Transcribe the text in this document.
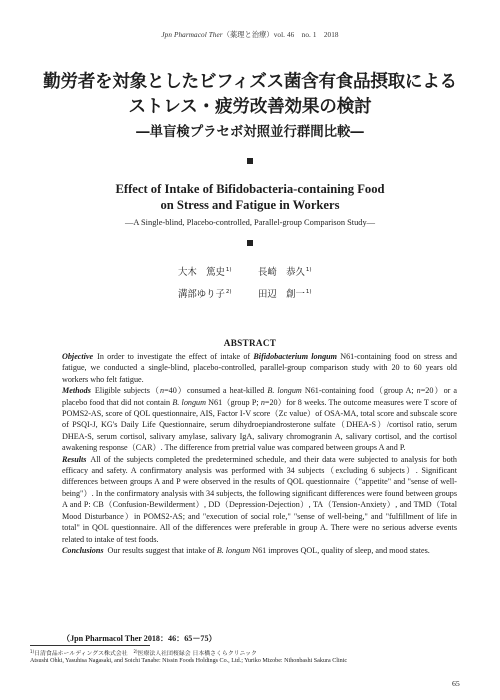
Jpn Pharmacol Ther（薬理と治療）vol. 46　no. 1　2018
勤労者を対象としたビフィズス菌含有食品摂取による
ストレス・疲労改善効果の検討
―単盲検プラセボ対照並行群間比較―
Effect of Intake of Bifidobacteria-containing Food
on Stress and Fatigue in Workers
―A Single-blind, Placebo-controlled, Parallel-group Comparison Study―
大木　篤史$^{1)}$	長崎　恭久$^{1)}$
溝部ゆり子$^{2)}$	田辺　創一$^{1)}$
ABSTRACT

Objective In order to investigate the effect of intake of Bifidobacterium longum N61-containing food on stress and fatigue, we conducted a single-blind, placebo-controlled, parallel-group comparison study with 20 to 60 years old workers who felt fatigue.

Methods Eligible subjects（n=40）consumed a heat-killed B. longum N61-containing food（group A; n=20）or a placebo food that did not contain B. longum N61（group P; n=20）for 8 weeks. The outcome measures were T score of POMS2-AS, score of QOL questionnaire, AIS, Factor I-V score（Zc value）of OSA-MA, total score and subscale score of PSQI-J, KG's Daily Life Questionnaire, serum dihydroepiandrosterone sulfate（DHEA-S）/cortisol ratio, serum DHEA-S, serum cortisol, salivary amylase, salivary IgA, salivary chromogranin A, salivary cortisol, and the cortisol awakening response（CAR）. The difference from pretrial value was compared between groups A and P.

Results All of the subjects completed the predetermined schedule, and their data were subjected to analysis for both efficacy and safety. A confirmatory analysis was performed with 34 subjects（excluding 6 subjects）. Significant differences between groups A and P were observed in the results of QOL questionnaire（"appetite" and "sense of well-being"）. In the confirmatory analysis with 34 subjects, the following significant differences were found between groups A and P: CB（Confusion-Bewilderment）, DD（Depression-Dejection）, TA（Tension-Anxiety）, and TMD（Total Mood Disturbance）in POMS2-AS; and "execution of social role," "sense of well-being," and "fulfillment of life in total" in QOL questionnaire. All of the differences were preferable in group A. There were no serious adverse events related to intake of test foods.

Conclusions Our results suggest that intake of B. longum N61 improves QOL, quality of sleep, and mood states.

（Jpn Pharmacol Ther 2018：46：65－75）
$^{1)}$日清食品ホールディングス株式会社　$^{2)}$医療法人社団桜緑会 日本橋さくらクリニック
Atsushi Ohki, Yasuhisa Nagasaki, and Soichi Tanabe: Nissin Foods Holdings Co., Ltd.; Yuriko Mizobe: Nihonbashi Sakura Clinic
65
